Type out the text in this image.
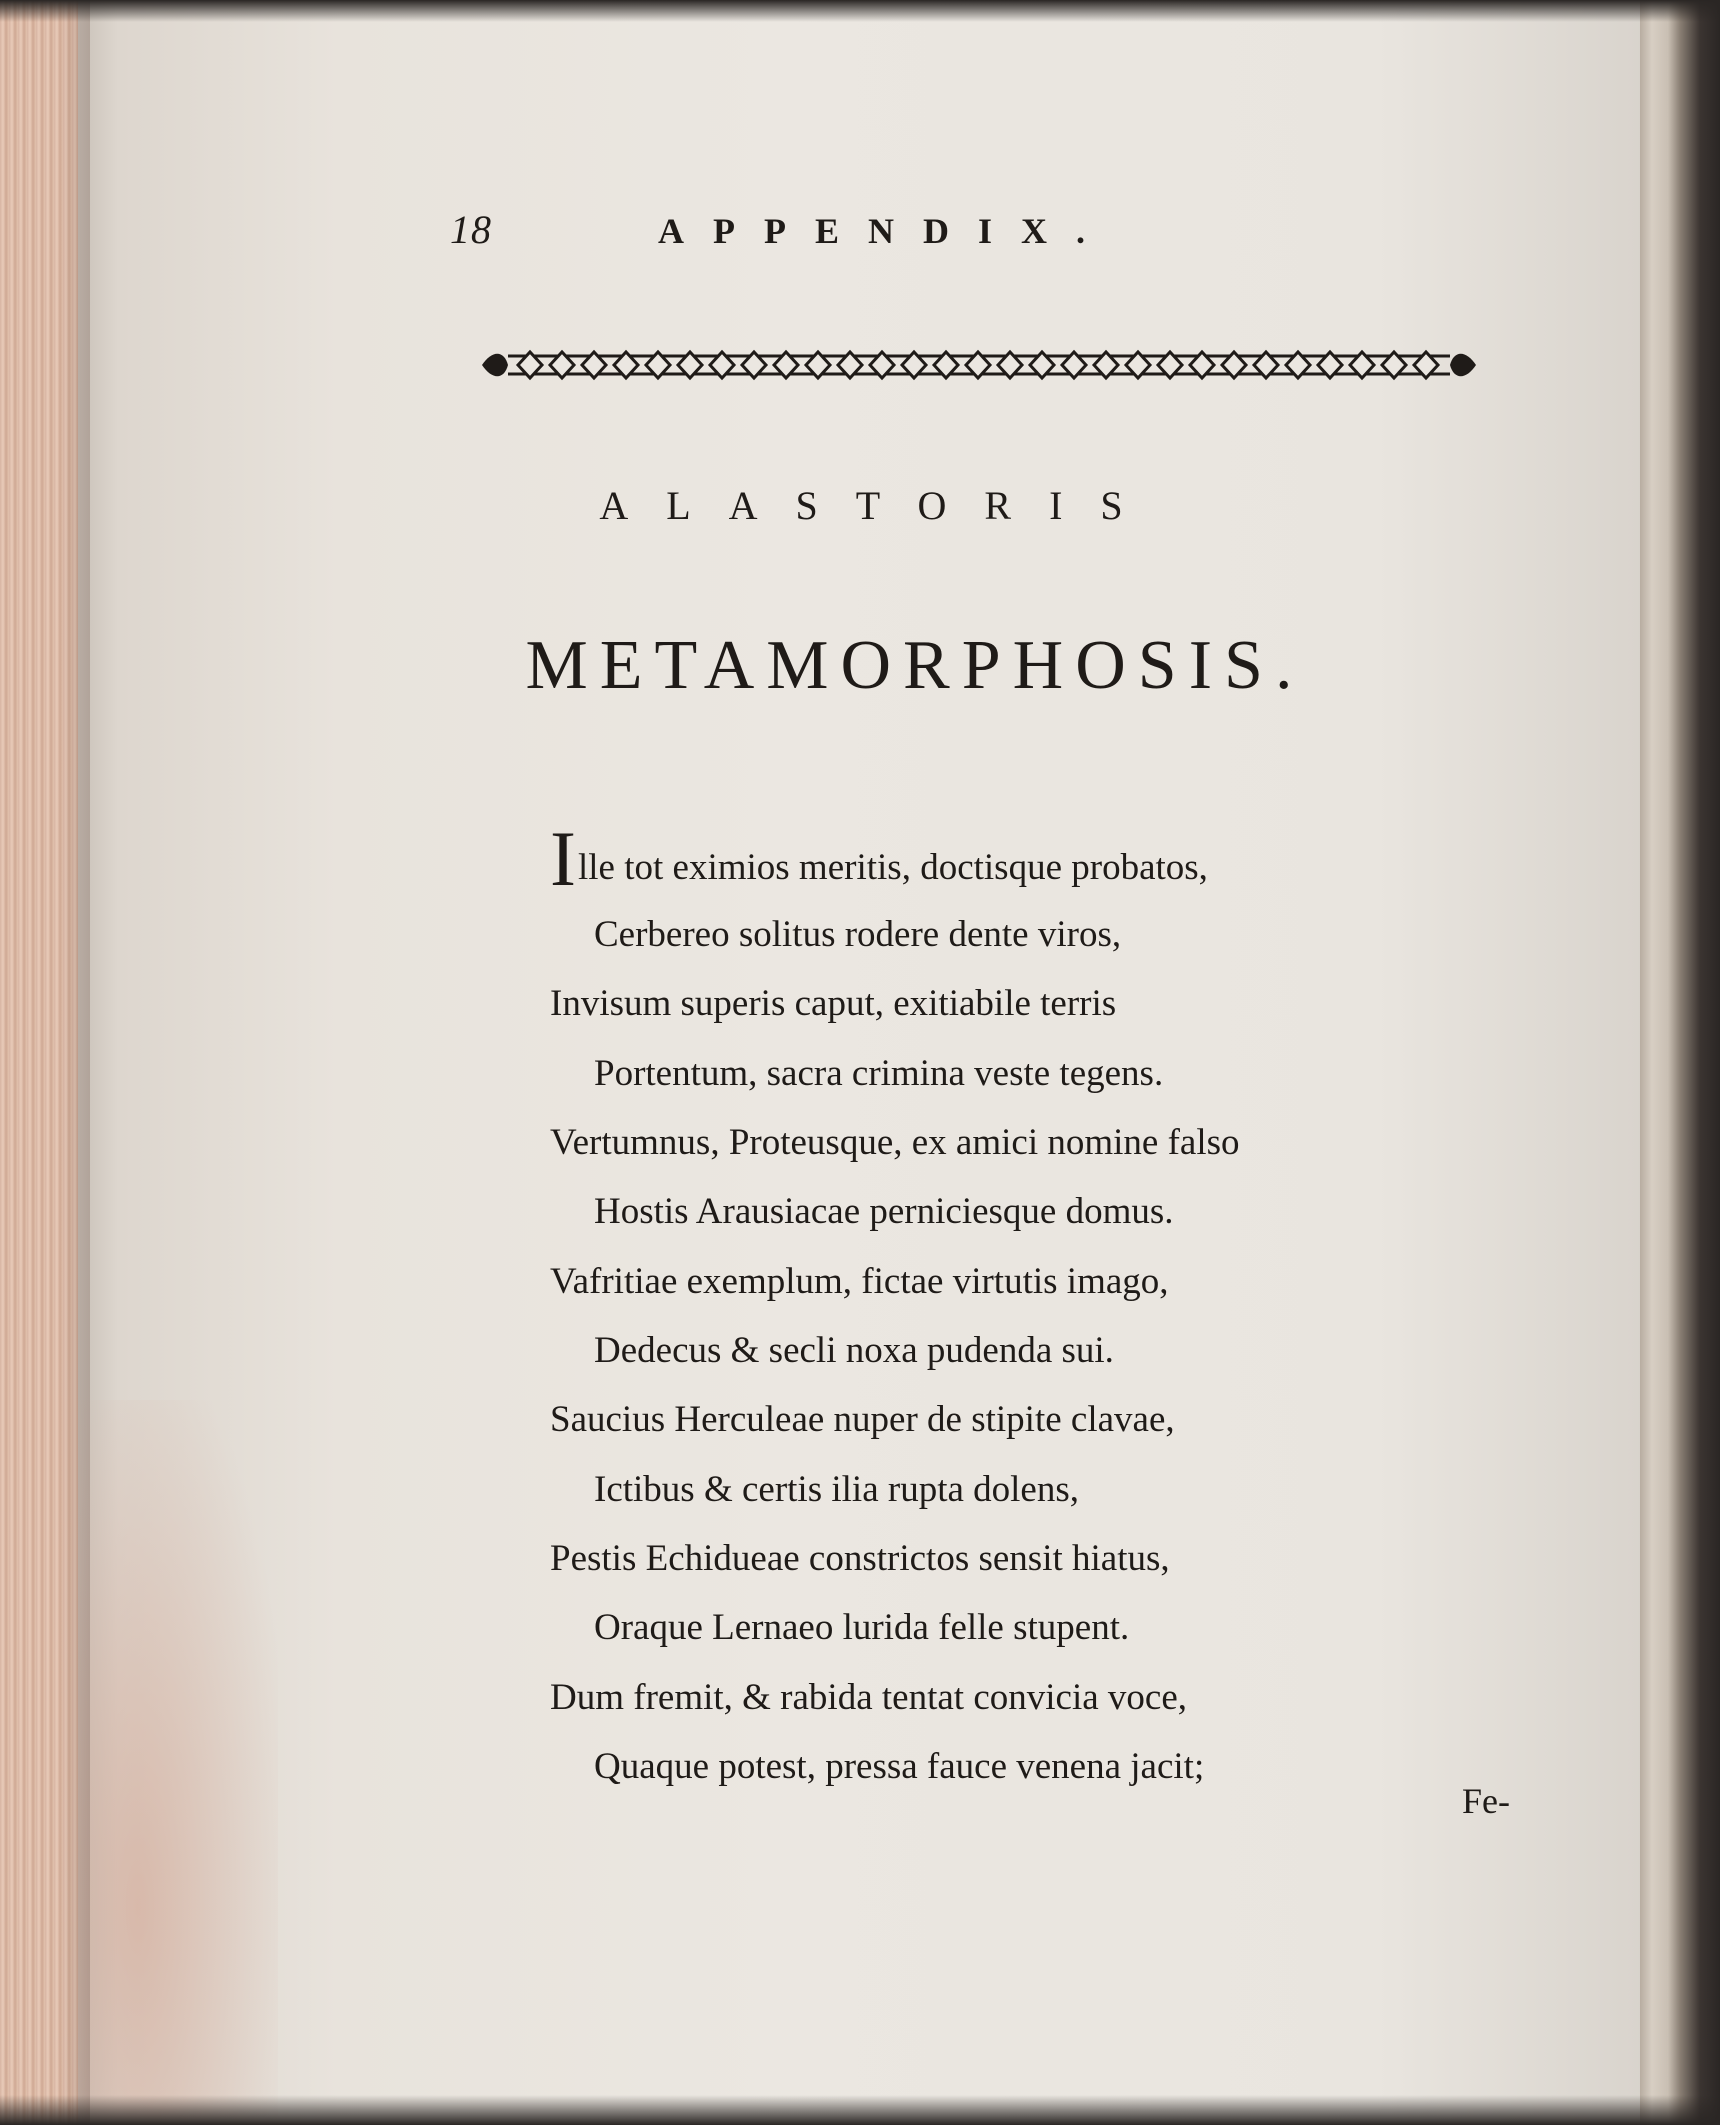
18	APPENDIX.
ALASTORIS
METAMORPHOSIS.
Ille tot eximios meritis, doctisque probatos,
Cerbereo solitus rodere dente viros,
Invisum superis caput, exitiabile terris
Portentum, sacra crimina veste tegens.
Vertumnus, Proteusque, ex amici nomine falso
Hostis Arausiacae perniciesque domus.
Vafritiae exemplum, fictae virtutis imago,
Dedecus & secli noxa pudenda sui.
Saucius Herculeae nuper de stipite clavae,
Ictibus & certis ilia rupta dolens,
Pestis Echidueae constrictos sensit hiatus,
Oraque Lernaeo lurida felle stupent.
Dum fremit, & rabida tentat convicia voce,
Quaque potest, pressa fauce venena jacit;
Fe-
